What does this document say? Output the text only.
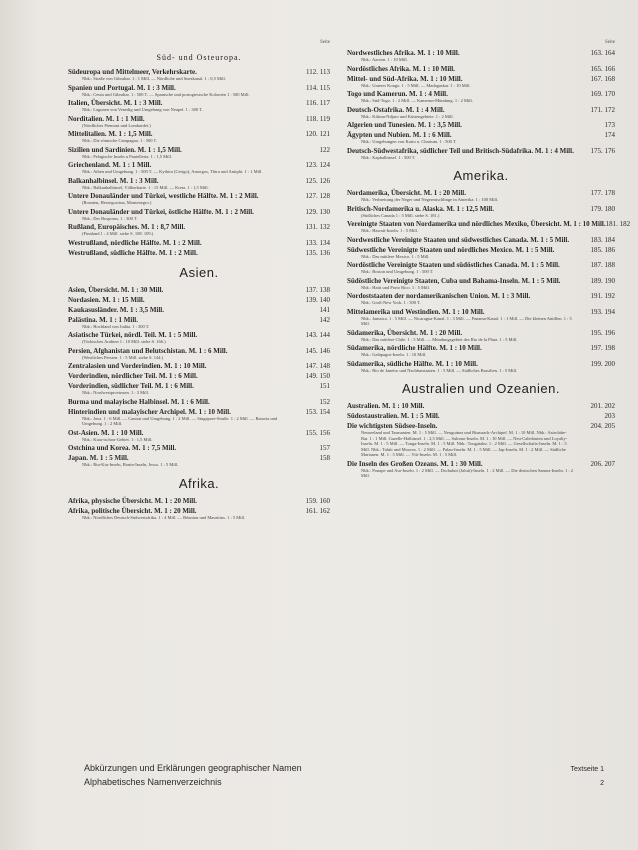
Seite
Süd- und Osteuropa.
Südeuropa und Mittelmeer, Verkehrskarte.	112. 113
Nbk.: Straße von Gibraltar. 1 : 1 Mill. — Nördliche und Suezkanal. 1 : 0,5 Mill.
Spanien und Portugal. M. 1 : 3 Mill.	114. 115
Nbk.: Ceuta und Gibraltar. 1 : 500 T. — Spanische und portugiesische Kolonien 1 : 500 Mill.
Italien, Übersicht. M. 1 : 3 Mill.	116. 117
Nbk.: Lagunen von Venedig und Umgebung von Neapel. 1 : 300 T.
Norditalien. M. 1 : 1 Mill.	118. 119
(Nördliches Piemont und Lombardei.)
Mittelitalien. M. 1 : 1,5 Mill.	120. 121
Nbk.: Die römische Campagna. 1 : 500 T.
Sizilien und Sardinien. M. 1 : 1,5 Mill.	122
Nbk.: Pelagische Inseln u Pantelleria. 1 : 1,5 Mill.
Griechenland. M. 1 : 1 Mill.	123. 124
Nbk.: Athen und Umgebung. 1 : 500 T. — Kythira (Cerigo), Amorgos, Thira und Antiphi. 1 : 1 Mill.
Balkanhalbinsel. M. 1 : 3 Mill.	125. 126
Nbk.: Balkanhalbinsel, Völkerkarte. 1 : 15 Mill. — Kreta. 1 : 1,5 Mill.
Untere Donauländer und Türkei, westliche Hälfte. M. 1 : 2 Mill.	127. 128
(Bosnien, Herzegowina, Montenegro.)
Untere Donauländer und Türkei, östliche Hälfte. M. 1 : 2 Mill.	129. 130
Nbk.: Der Bosporus. 1 : 300 T.
Rußland, Europäisches. M. 1 : 8,7 Mill.	131. 132
(Finnland 1 : 4 Mill. siehe S. 108. 109.)
Westrußland, nördliche Hälfte. M. 1 : 2 Mill.	133. 134
Westrußland, südliche Hälfte. M. 1 : 2 Mill.	135. 136
Asien.
Asien, Übersicht. M. 1 : 30 Mill.	137. 138
Nordasien. M. 1 : 15 Mill.	139. 140
Kaukasusländer. M. 1 : 3,5 Mill.	141
Palästina. M. 1 : 1 Mill.	142
Nbk.: Hochland von Judäa. 1 : 300 T.
Asiatische Türkei, nördl. Teil. M. 1 : 5 Mill.	143. 144
(Türkisches Arabien 1 : 10 Mill. siehe S. 166.)
Persien, Afghanistan und Belutschistan. M. 1 : 6 Mill.	145. 146
(Westliches Persien. 1 : 5 Mill. siehe S. 144.)
Zentralasien und Vorderindien. M. 1 : 10 Mill.	147. 148
Vorderindien, nördlicher Teil. M. 1 : 6 Mill.	149. 150
Vorderindien, südlicher Teil. M. 1 : 6 Mill.	151
Nbk.: Nordwestprovinzen. 1 : 3 Mill.
Burma und malayische Halbinsel. M. 1 : 6 Mill.	152
Hinterindien und malayischer Archipel. M. 1 : 10 Mill.	153. 154
Nbk.: Java. 1 : 6 Mill. — Canton und Umgebung. 1 : 2 Mill. — Singapore-Straße. 1 : 2 Mill. — Batavia und Umgebung. 1 : 2 Mill.
Ost-Asien. M. 1 : 10 Mill.	155. 156
Nbk.: Kiau-tschou-Gebiet. 1 : 1,5 Mill.
Ostchina und Korea. M. 1 : 7,5 Mill.	157
Japan. M. 1 : 5 Mill.	158
Nbk.: Riu-Kiu-Inseln, Bonin-Inseln, Jesso. 1 : 5 Mill.
Afrika.
Afrika, physische Übersicht. M. 1 : 20 Mill.	159. 160
Afrika, politische Übersicht. M. 1 : 20 Mill.	161. 162
Nbk.: Nördliches Deutsch-Südwestafrika. 1 : 4 Mill. — Réunion und Mauritius. 1 : 5 Mill.
Seite
Nordwestliches Afrika. M. 1 : 10 Mill.	163. 164
Nbk.: Azoren. 1 : 10 Mill.
Nordöstliches Afrika. M. 1 : 10 Mill.	165. 166
Mittel- und Süd-Afrika. M. 1 : 10 Mill.	167. 168
Nbk.: Unterer Kongo. 1 : 5 Mill. — Madagaskar. 1 : 10 Mill.
Togo und Kamerun. M. 1 : 4 Mill.	169. 170
Nbk.: Süd-Togo. 1 : 2 Mill. — Kamerun-Mündung. 1 : 2 Mill.
Deutsch-Ostafrika. M. 1 : 4 Mill.	171. 172
Nbk.: Kilima-Ndjaro und Küstengebiete. 1 : 2 Mill.
Algerien und Tunesien. M. 1 : 3,5 Mill.	173
Ägypten und Nubien. M. 1 : 6 Mill.	174
Nbk.: Umgebungen von Kairo u. Chartum. 1 : 500 T.
Deutsch-Südwestafrika, südlicher Teil und Britisch-Südafrika. M. 1 : 4 Mill.	175. 176
Nbk.: Kaphalbinsel. 1 : 500 T.
Amerika.
Nordamerika, Übersicht. M. 1 : 20 Mill.	177. 178
Nbk.: Verbreitung der Neger und Negermischlinge in Amerika. 1 : 100 Mill.
Britisch-Nordamerika u. Alaska. M. 1 : 12,5 Mill.	179. 180
(Südliches Canada 1 : 5 Mill. siehe S. 181.)
Vereinigte Staaten von Nordamerika und nördliches Mexiko, Übersicht. M. 1 : 10 Mill. 181. 182
Nbk.: Hawaii-Inseln. 1 : 5 Mill.
Nordwestliche Vereinigte Staaten und südwestliches Canada. M. 1 : 5 Mill.	183. 184
Südwestliche Vereinigte Staaten und nördliches Mexico. M. 1 : 5 Mill.	185. 186
Nbk.: Das mittlere Mexico. 1 : 5 Mill.
Nordöstliche Vereinigte Staaten und südöstliches Canada. M. 1 : 5 Mill.	187. 188
Nbk.: Boston und Umgebung. 1 : 500 T.
Südöstliche Vereinigte Staaten, Cuba und Bahama-Inseln. M. 1 : 5 Mill.	189. 190
Nbk.: Haiti und Porto Rico. 1 : 5 Mill.
Nordoststaaten der nordamerikanischen Union. M. 1 : 3 Mill.	191. 192
Nbk.: Groß-New York. 1 : 500 T.
Mittelamerika und Westindien. M. 1 : 10 Mill.	193. 194
Nbk.: Jamaica. 1 : 5 Mill. — Nicaragua-Kanal. 1 : 3 Mill. — Panama-Kanal. 1 : 1 Mill. — Die kleinen Antillen. 1 : 5 Mill.
Südamerika, Übersicht. M. 1 : 20 Mill.	195. 196
Nbk.: Das mittlere Chile. 1 : 5 Mill. — Mündungsgebiet des Rio de la Plata. 1 : 5 Mill.
Südamerika, nördliche Hälfte. M. 1 : 10 Mill.	197. 198
Nbk.: Galápagos-Inseln. 1 : 10 Mill.
Südamerika, südliche Hälfte. M. 1 : 10 Mill.	199. 200
Nbk.: Rio de Janeiro und Nachbarstaaten. 1 : 5 Mill. — Südliches Brasilien. 1 : 5 Mill.
Australien und Ozeanien.
Australien. M. 1 : 10 Mill.	201. 202
Südostaustralien. M. 1 : 5 Mill.	203
Die wichtigsten Südsee-Inseln.	204. 205
Neuseeland und Tasmanien. M. 1 : 5 Mill. — Neuguinea und Bismarck-Archipel. M. 1 : 10 Mill. Nbk.: Astrolabe-Bai. 1 : 1 Mill. Gazelle-Halbinsel. 1 : 2,5 Mill. — Salomo-Inseln. M. 1 : 10 Mill. — Neu-Caledonien und Loyalty-Inseln. M. 1 : 5 Mill. — Tonga-Inseln. M. 1 : 5 Mill. Nbk.: Tongatabu. 1 : 2 Mill. — Gesellschafts-Inseln. M. 1 : 5 Mill. Nbk.: Tahiti und Moorea. 1 : 2 Mill. — Palau-Inseln. M. 1 : 5 Mill. — Jap-Inseln. M. 1 : 2 Mill. — Südliche Marianen. M. 1 : 5 Mill. — Viti-Inseln. M. 1 : 5 Mill.
Die Inseln des Großen Ozeans. M. 1 : 30 Mill.	206. 207
Nbk.: Ponape und Aur-Inseln. 1 : 2 Mill. — Dschaluit (Jaluit)-Inseln. 1 : 2 Mill. — Die deutschen Samoa-Inseln. 1 : 2 Mill.
Abkürzungen und Erklärungen geographischer Namen	Textseite 1
Alphabetisches Namenverzeichnis	2
